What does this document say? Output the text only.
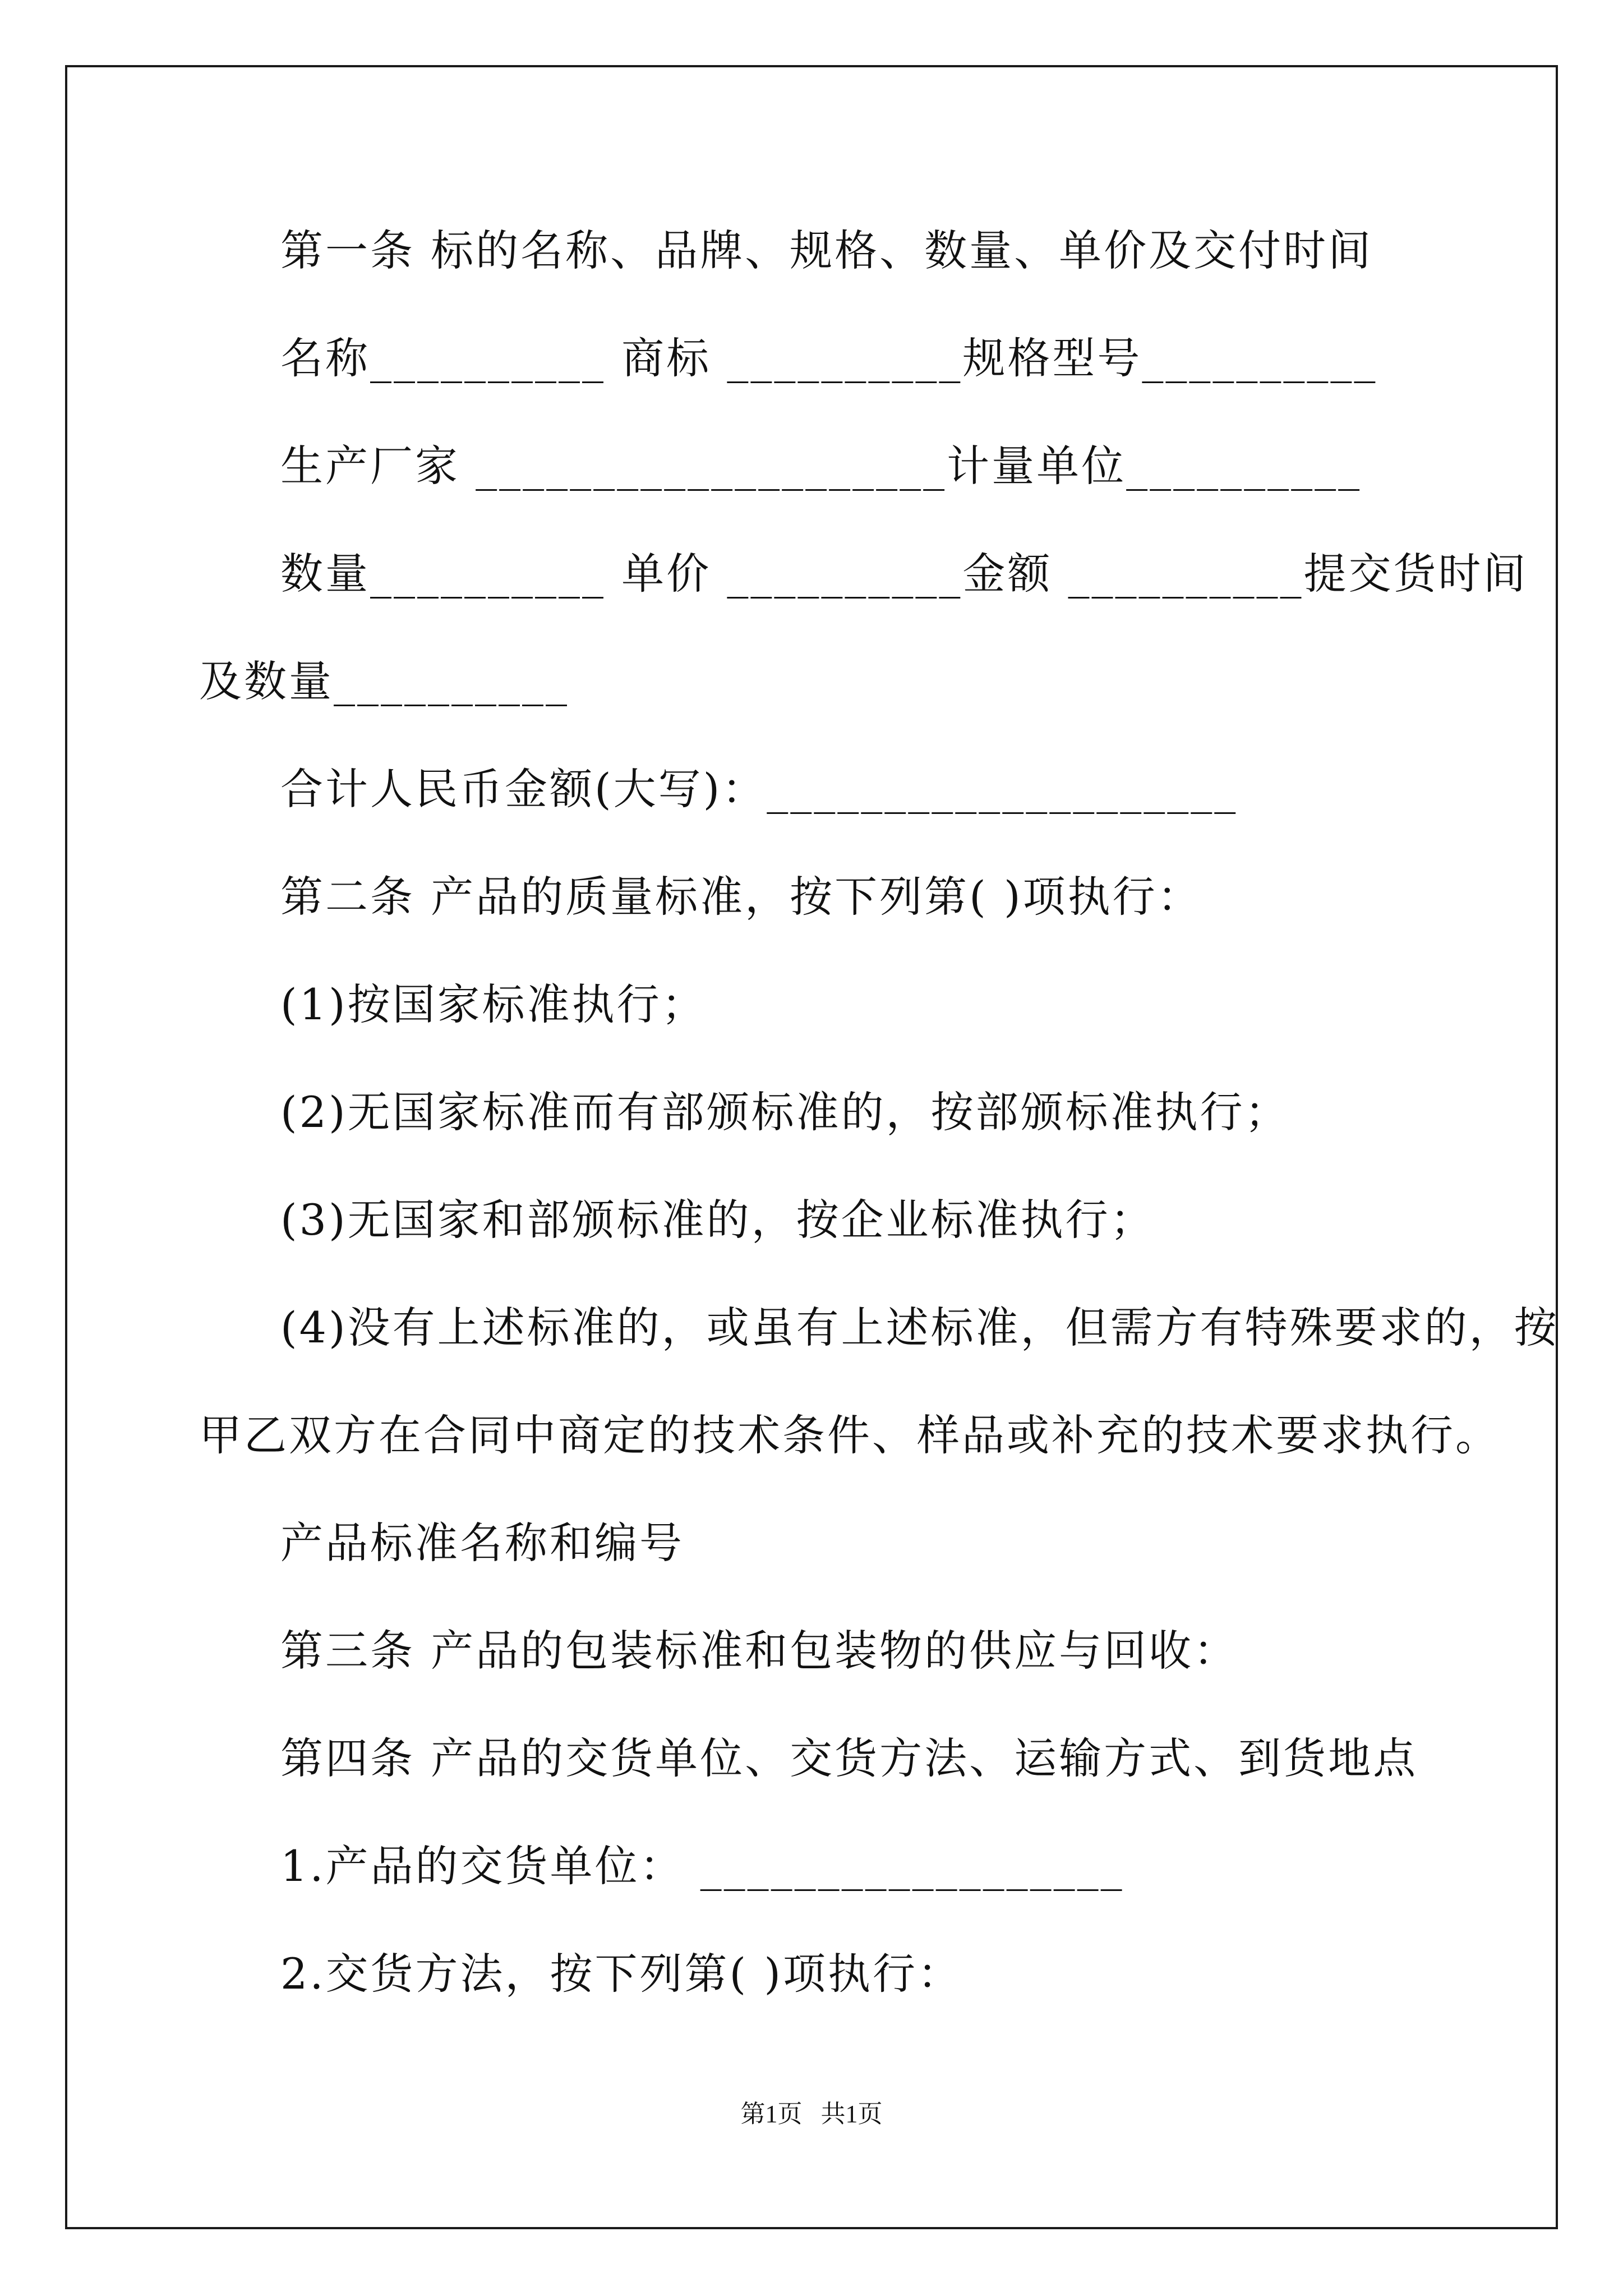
第一条 标的名称、品牌、规格、数量、单价及交付时间

名称__________ 商标 __________规格型号__________

生产厂家 ____________________计量单位__________

数量__________ 单价 __________金额 __________提交货时间

及数量__________

合计人民币金额(大写)：____________________

第二条 产品的质量标准，按下列第( )项执行：

(1)按国家标准执行；

(2)无国家标准而有部颁标准的，按部颁标准执行；

(3)无国家和部颁标准的，按企业标准执行；

(4)没有上述标准的，或虽有上述标准，但需方有特殊要求的，按

甲乙双方在合同中商定的技术条件、样品或补充的技术要求执行。

产品标准名称和编号

第三条 产品的包装标准和包装物的供应与回收：

第四条 产品的交货单位、交货方法、运输方式、到货地点

1.产品的交货单位： __________________

2.交货方法，按下列第( )项执行：

第1页   共1页
